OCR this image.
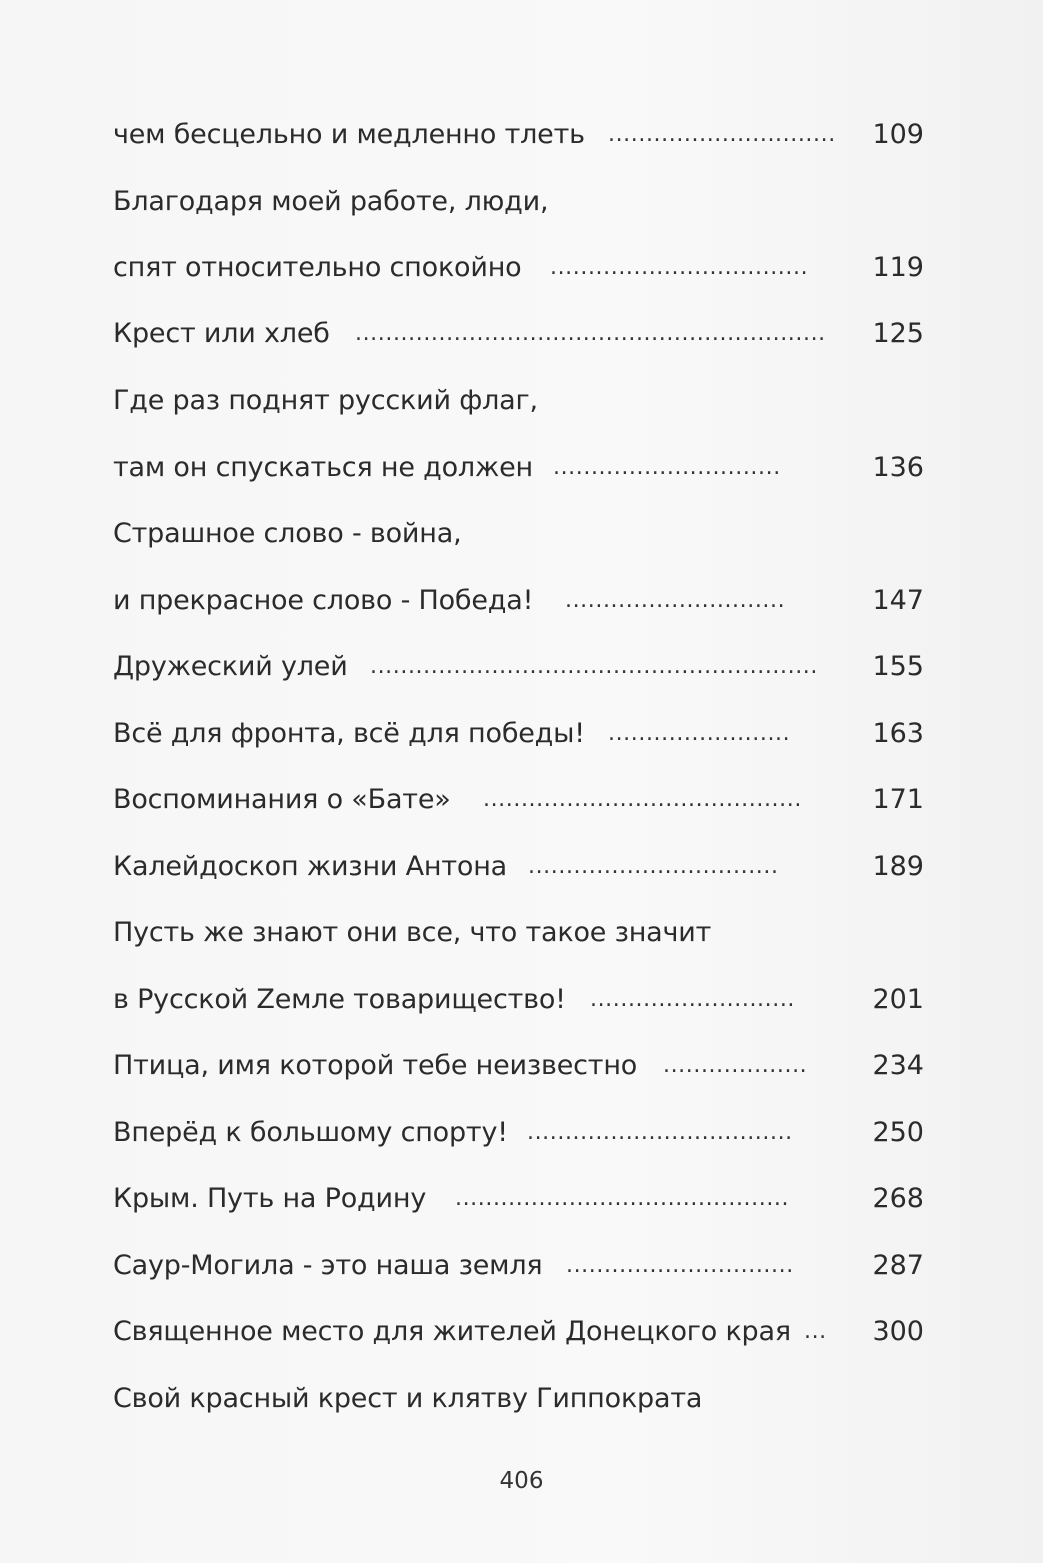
чем бесцельно и медленно тлеть ..............................	109
Благодаря моей работе, люди,
спят относительно спокойно ..................................	119
Крест или хлеб ..............................................................	125
Где раз поднят русский флаг,
там он спускаться не должен ..............................	136
Страшное слово - война,
и прекрасное слово - Победа! .............................	147
Дружеский улей ...........................................................	155
Всё для фронта, всё для победы! ........................	163
Воспоминания о «Бате» ..........................................	171
Калейдоскоп жизни Антона .................................	189
Пусть же знают они все, что такое значит
в Русской Zемле товарищество! ...........................	201
Птица, имя которой тебе неизвестно ...................	234
Вперёд к большому спорту! ...................................	250
Крым. Путь на Родину ............................................	268
Саур-Могила - это наша земля ..............................	287
Священное место для жителей Донецкого края ... 300
Свой красный крест и клятву Гиппократа
406
